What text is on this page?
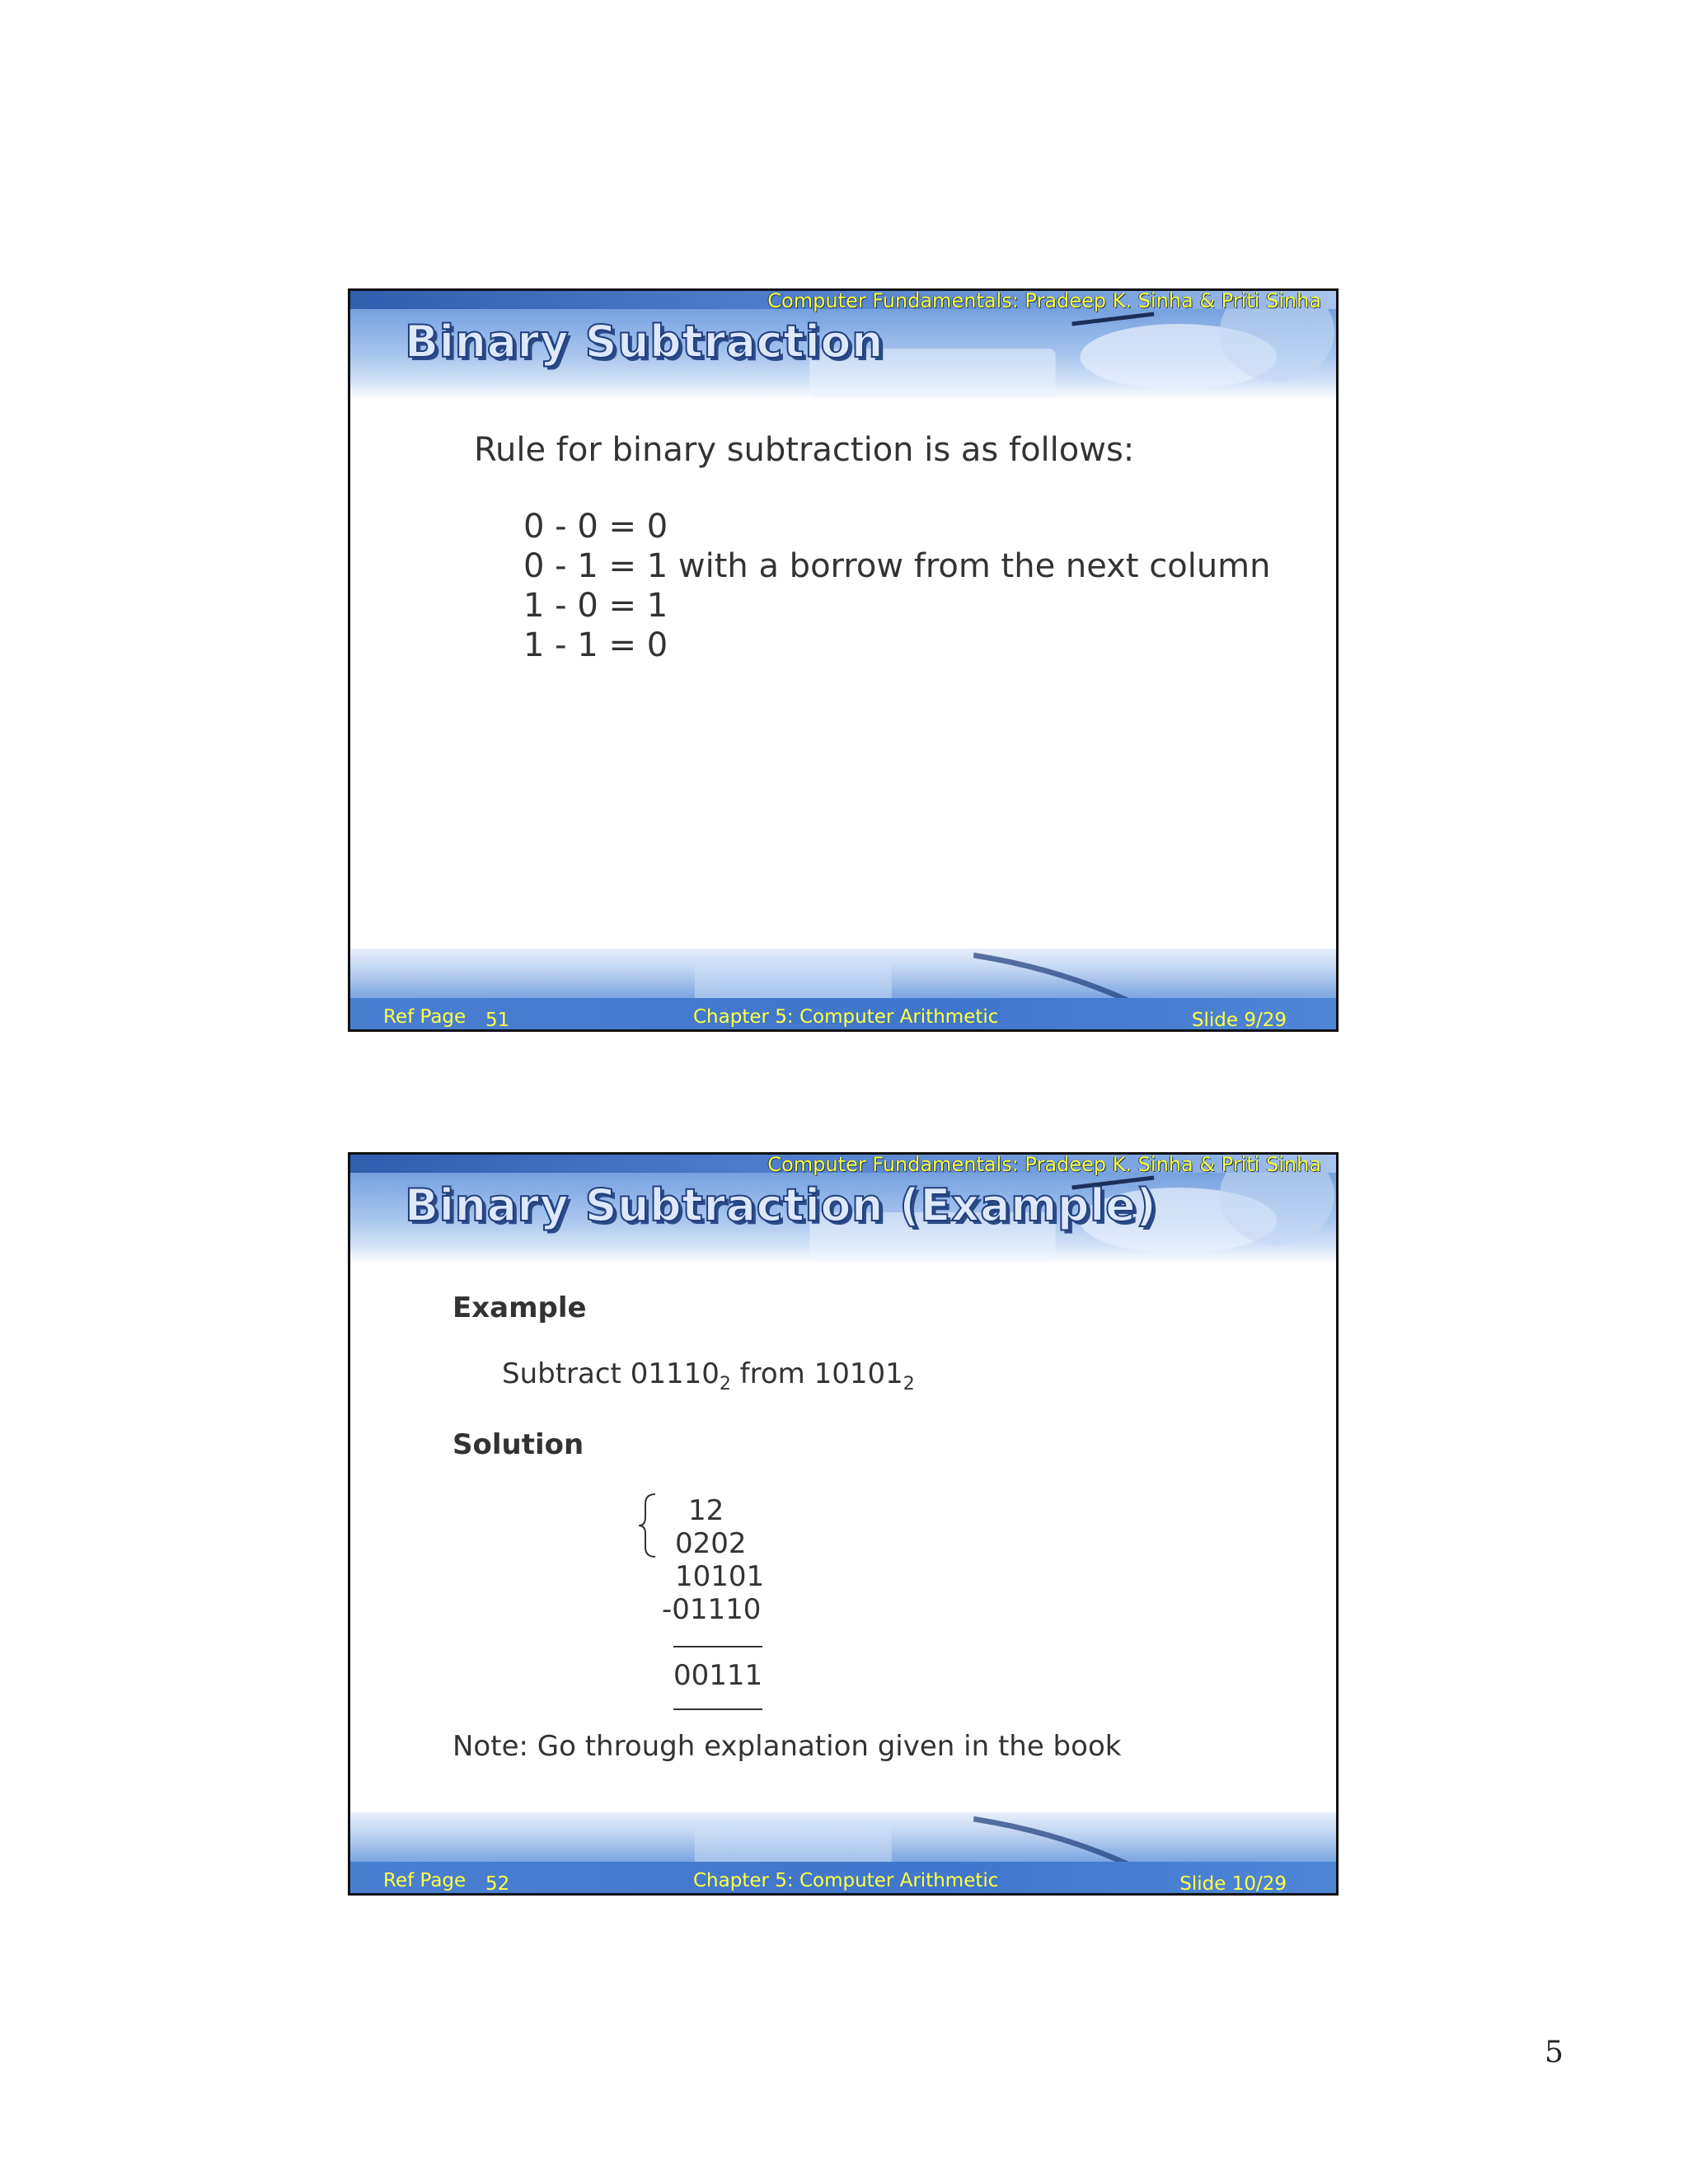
Computer Fundamentals: Pradeep K. Sinha & Priti Sinha
Binary Subtraction
Rule for binary subtraction is as follows:
0 - 0 = 0
0 - 1 = 1 with a borrow from the next column
1 - 0 = 1
1 - 1 = 0
Ref Page 51	Chapter 5: Computer Arithmetic	Slide 9/29
Computer Fundamentals: Pradeep K. Sinha & Priti Sinha
Binary Subtraction (Example)
Example
Subtract $01110_2$ from $10101_2$
Solution
12
0202
10101
-01110
00111
Note: Go through explanation given in the book
Ref Page 52	Chapter 5: Computer Arithmetic	Slide 10/29
5
